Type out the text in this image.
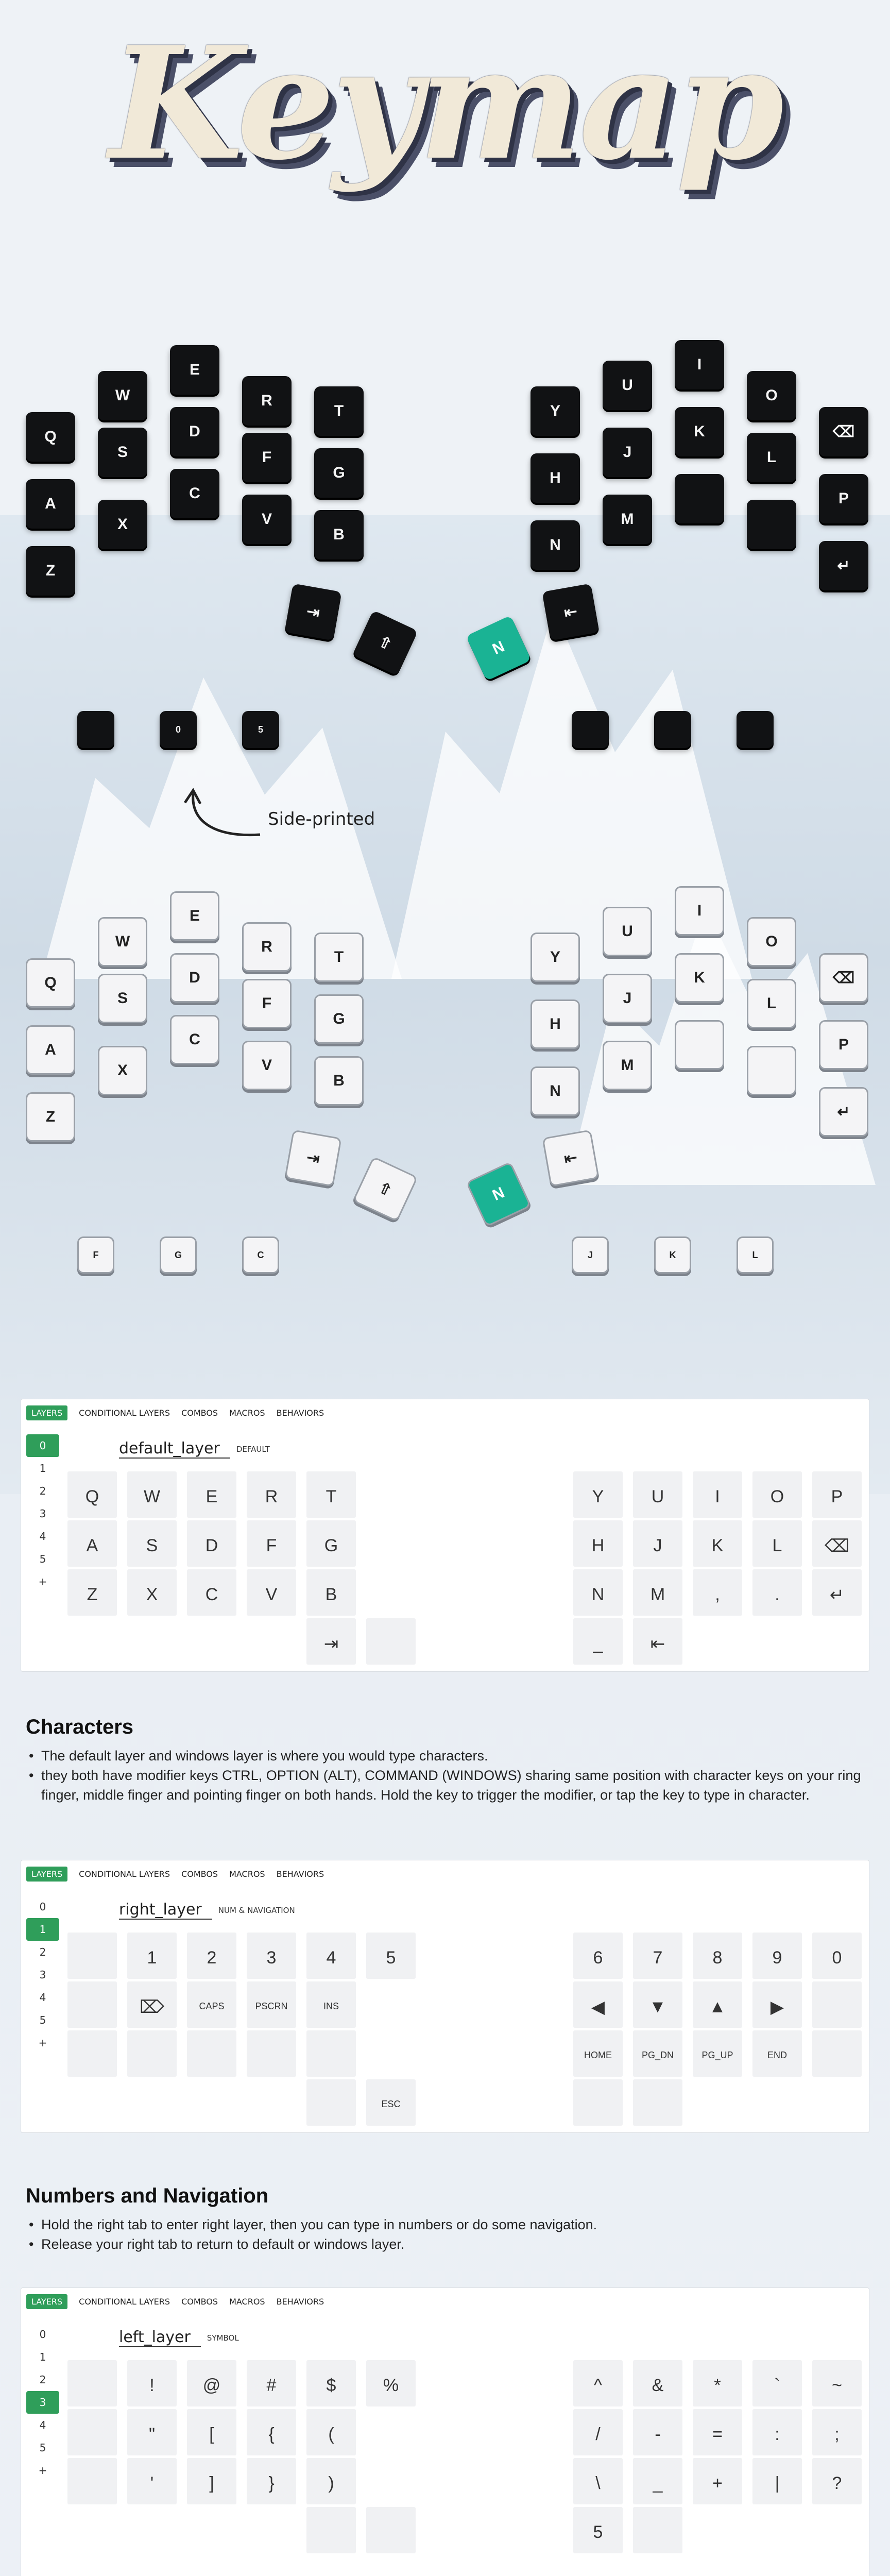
Keymap
W
E
R
T
Q
S
D
F
G
A
X
C
V
B
Z
Y
U
I
O
H
J
K
L
P
N
M
⌫
↵
⇥
⇧	N
⇤
W
E
R
T
Q
S
D
F
G
A
X
C
V
B
Z
Y
U
I
O
H
J
K
L
P
N
M
⌫
↵
⇥
⇧	N
⇤
0	5
F	G	C	J	K	L
Side-printed
LAYERS	CONDITIONAL LAYERS COMBOS MACROS BEHAVIORS
0
1
2
3
4
5
+
default_layer	DEFAULT
Q	W	E	R	T	Y	U	I	O	P
A	S	D	F	G	H	J	K	L	⌫
Z	X	C	V	B	N	M	,	.	↵
⇥	_	⇤
Characters
• The default layer and windows layer is where you would type characters.
• they both have modifier keys CTRL, OPTION (ALT), COMMAND (WINDOWS) sharing same position with character keys on your ring finger, middle finger and pointing finger on both hands. Hold the key to trigger the modifier, or tap the key to type in character.
LAYERS	CONDITIONAL LAYERS COMBOS MACROS BEHAVIORS
0
1
2
3
4
5
+
right_layer	NUM & NAVIGATION
1	2	3	4	5	6	7	8	9	0
⌦	CAPS	PSCRN	INS	◀	▼	▲	▶
HOME	PG_DN	PG_UP	END
ESC
Numbers and Navigation
• Hold the right tab to enter right layer, then you can type in numbers or do some navigation.
• Release your right tab to return to default or windows layer.
LAYERS	CONDITIONAL LAYERS COMBOS MACROS BEHAVIORS
0
1
2
3
4
5
+
left_layer	SYMBOL
!	@	#	$	%	^	&	*	`	~
"	[	{	(	/	-	=	:	;
'	]	}	)	\	_	+	|	?
5
